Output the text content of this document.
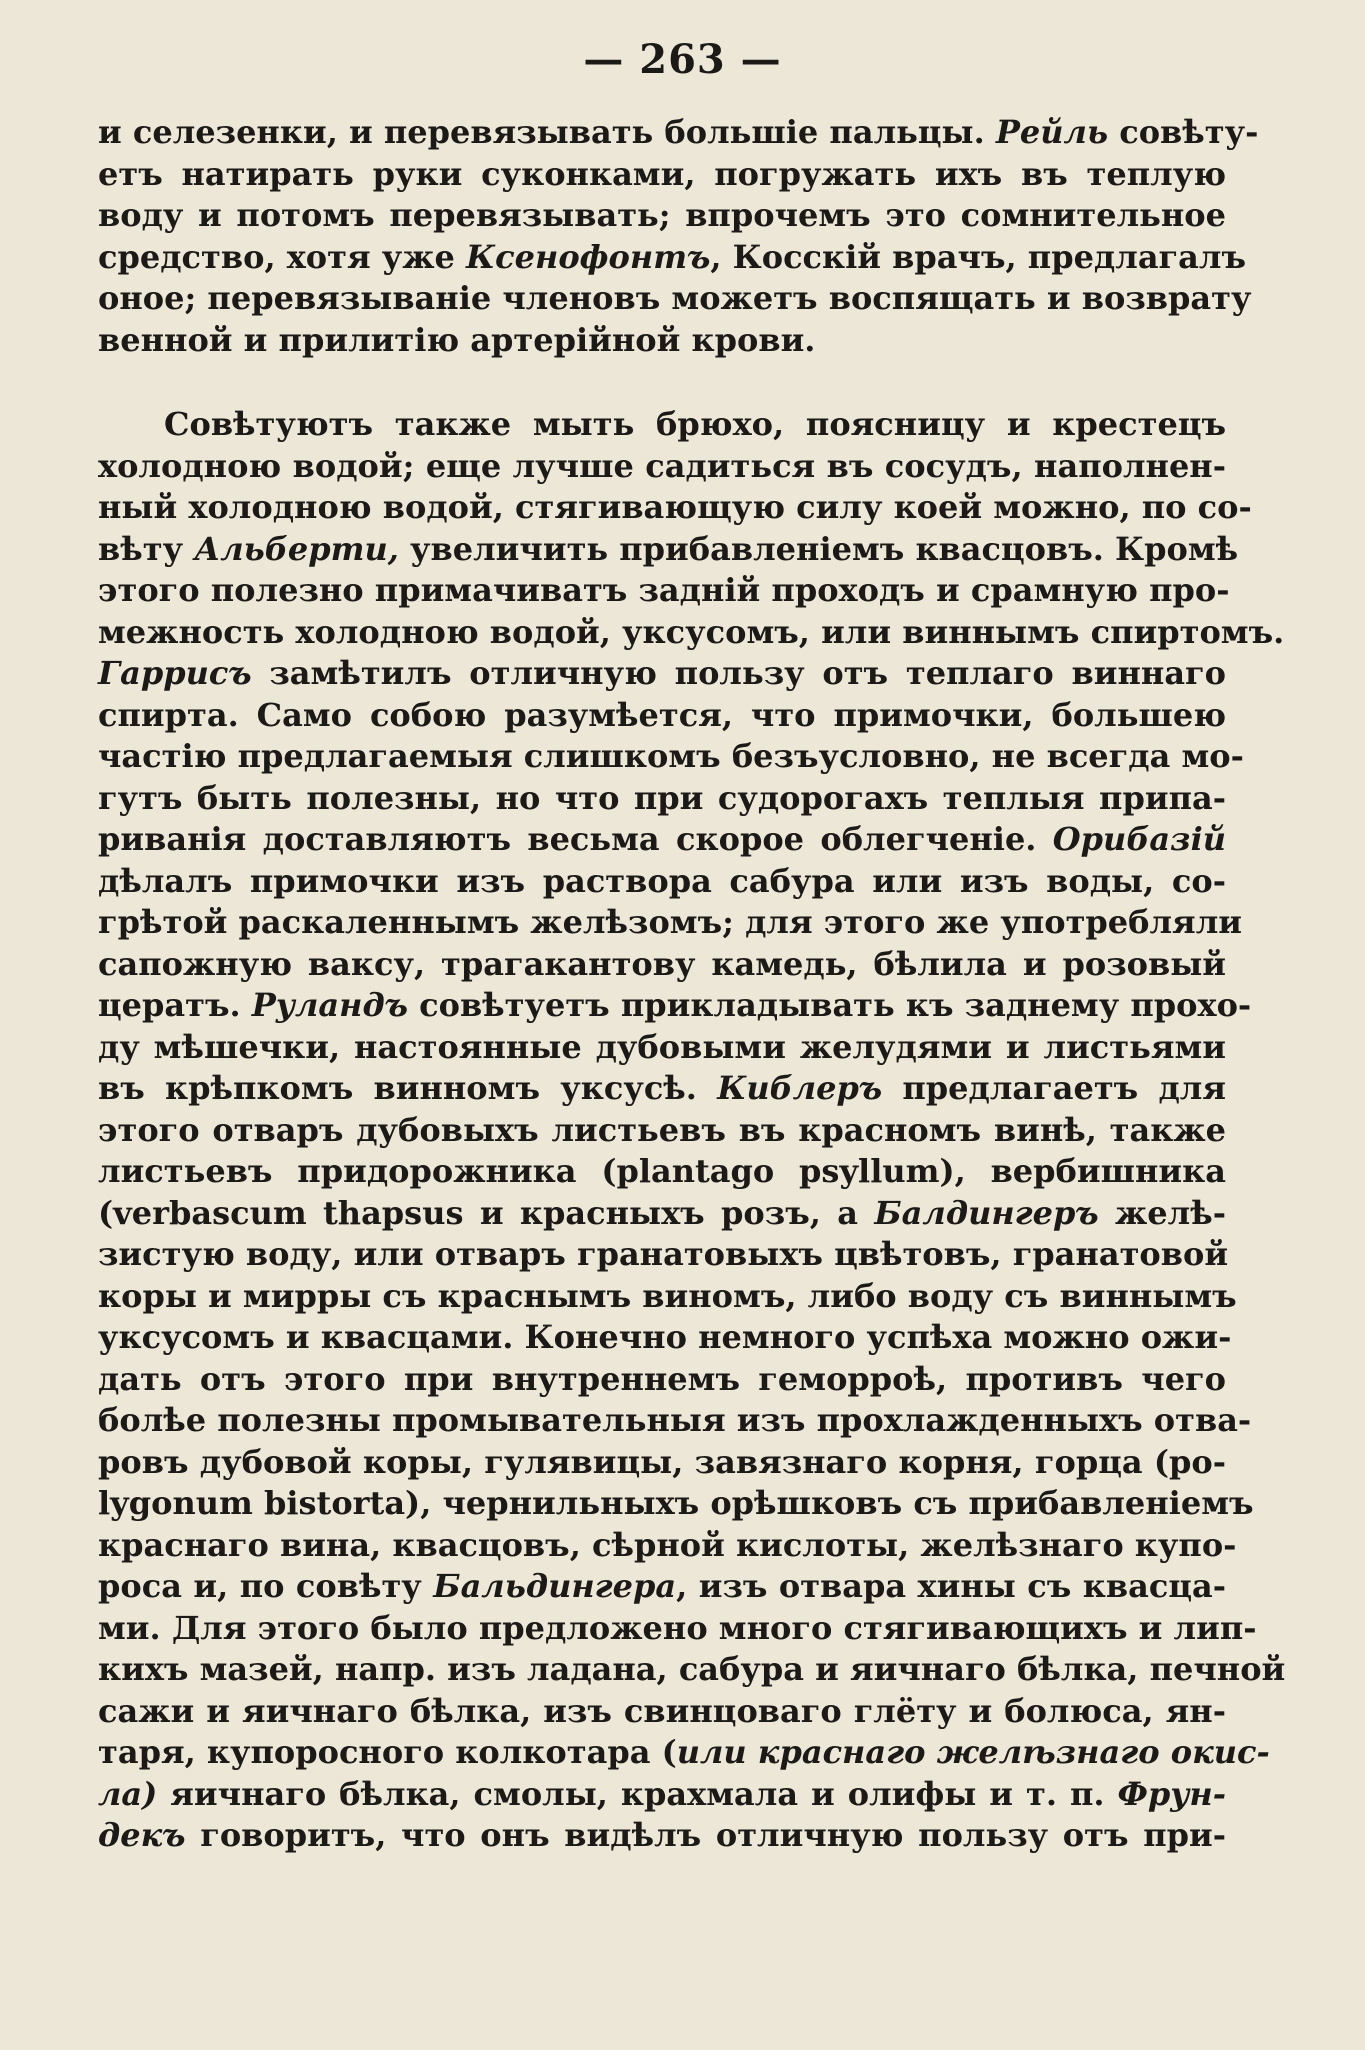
— 263 —
и селезенки, и перевязывать большіе пальцы. Рейль совѣту-
етъ натирать руки суконками, погружать ихъ въ теплую
воду и потомъ перевязывать; впрочемъ это сомнительное
средство, хотя уже Ксенофонтъ, Косскій врачъ, предлагалъ
оное; перевязываніе членовъ можетъ воспящать и возврату
венной и прилитію артерійной крови.
Совѣтуютъ также мыть брюхо, поясницу и крестецъ
холодною водой; еще лучше садиться въ сосудъ, наполнен-
ный холодною водой, стягивающую силу коей можно, по со-
вѣту Альберти, увеличить прибавленіемъ квасцовъ. Кромѣ
этого полезно примачиватъ задній проходъ и срамную про-
межность холодною водой, уксусомъ, или виннымъ спиртомъ.
Гаррисъ замѣтилъ отличную пользу отъ теплаго виннаго
спирта. Само собою разумѣется, что примочки, большею
частію предлагаемыя слишкомъ безъусловно, не всегда мо-
гутъ быть полезны, но что при судорогахъ теплыя припа-
риванія доставляютъ весьма скорое облегченіе. Орибазій
дѣлалъ примочки изъ раствора сабура или изъ воды, со-
грѣтой раскаленнымъ желѣзомъ; для этого же употребляли
сапожную ваксу, трагакантову камедь, бѣлила и розовый
цератъ. Руландъ совѣтуетъ прикладывать къ заднему прохо-
ду мѣшечки, настоянные дубовыми желудями и листьями
въ крѣпкомъ винномъ уксусѣ. Киблеръ предлагаетъ для
этого отваръ дубовыхъ листьевъ въ красномъ винѣ, также
листьевъ придорожника (plantago psyllum), вербишника
(verbascum thapsus и красныхъ розъ, а Балдингеръ желѣ-
зистую воду, или отваръ гранатовыхъ цвѣтовъ, гранатовой
коры и мирры съ краснымъ виномъ, либо воду съ виннымъ
уксусомъ и квасцами. Конечно немного успѣха можно ожи-
дать отъ этого при внутреннемъ геморроѣ, противъ чего
болѣе полезны промывательныя изъ прохлажденныхъ отва-
ровъ дубовой коры, гулявицы, завязнаго корня, горца (ро-
lygonum bistorta), чернильныхъ орѣшковъ съ прибавленіемъ
краснаго вина, квасцовъ, сѣрной кислоты, желѣзнаго купо-
роса и, по совѣту Бальдингера, изъ отвара хины съ квасца-
ми. Для этого было предложено много стягивающихъ и лип-
кихъ мазей, напр. изъ ладана, сабура и яичнаго бѣлка, печной
сажи и яичнаго бѣлка, изъ свинцоваго глёту и болюса, ян-
таря, купоросного колкотара (или краснаго желѣзнаго окис-
ла) яичнаго бѣлка, смолы, крахмала и олифы и т. п. Фрун-
декъ говоритъ, что онъ видѣлъ отличную пользу отъ при-
